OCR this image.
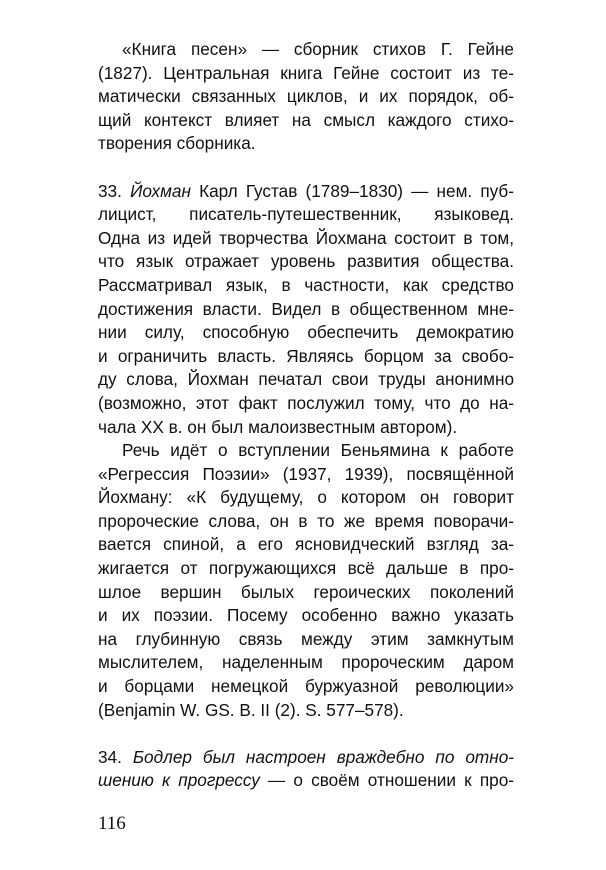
«Книга песен» — сборник стихов Г. Гейне
(1827). Центральная книга Гейне состоит из те-
матически связанных циклов, и их порядок, об-
щий контекст влияет на смысл каждого стихо-
творения сборника.
33. Йохман Карл Густав (1789–1830) — нем. пуб-
лицист, писатель-путешественник, языковед.
Одна из идей творчества Йохмана состоит в том,
что язык отражает уровень развития общества.
Рассматривал язык, в частности, как средство
достижения власти. Видел в общественном мне-
нии силу, способную обеспечить демократию
и ограничить власть. Являясь борцом за свобо-
ду слова, Йохман печатал свои труды анонимно
(возможно, этот факт послужил тому, что до на-
чала XX в. он был малоизвестным автором).
Речь идёт о вступлении Беньямина к работе
«Регрессия Поэзии» (1937, 1939), посвящённой
Йохману: «К будущему, о котором он говорит
пророческие слова, он в то же время поворачи-
вается спиной, а его ясновидческий взгляд за-
жигается от погружающихся всё дальше в про-
шлое вершин былых героических поколений
и их поэзии. Посему особенно важно указать
на глубинную связь между этим замкнутым
мыслителем, наделенным пророческим даром
и борцами немецкой буржуазной революции»
(Benjamin W. GS. B. II (2). S. 577–578).
34. Бодлер был настроен враждебно по отно-
шению к прогрессу — о своём отношении к про-
116
